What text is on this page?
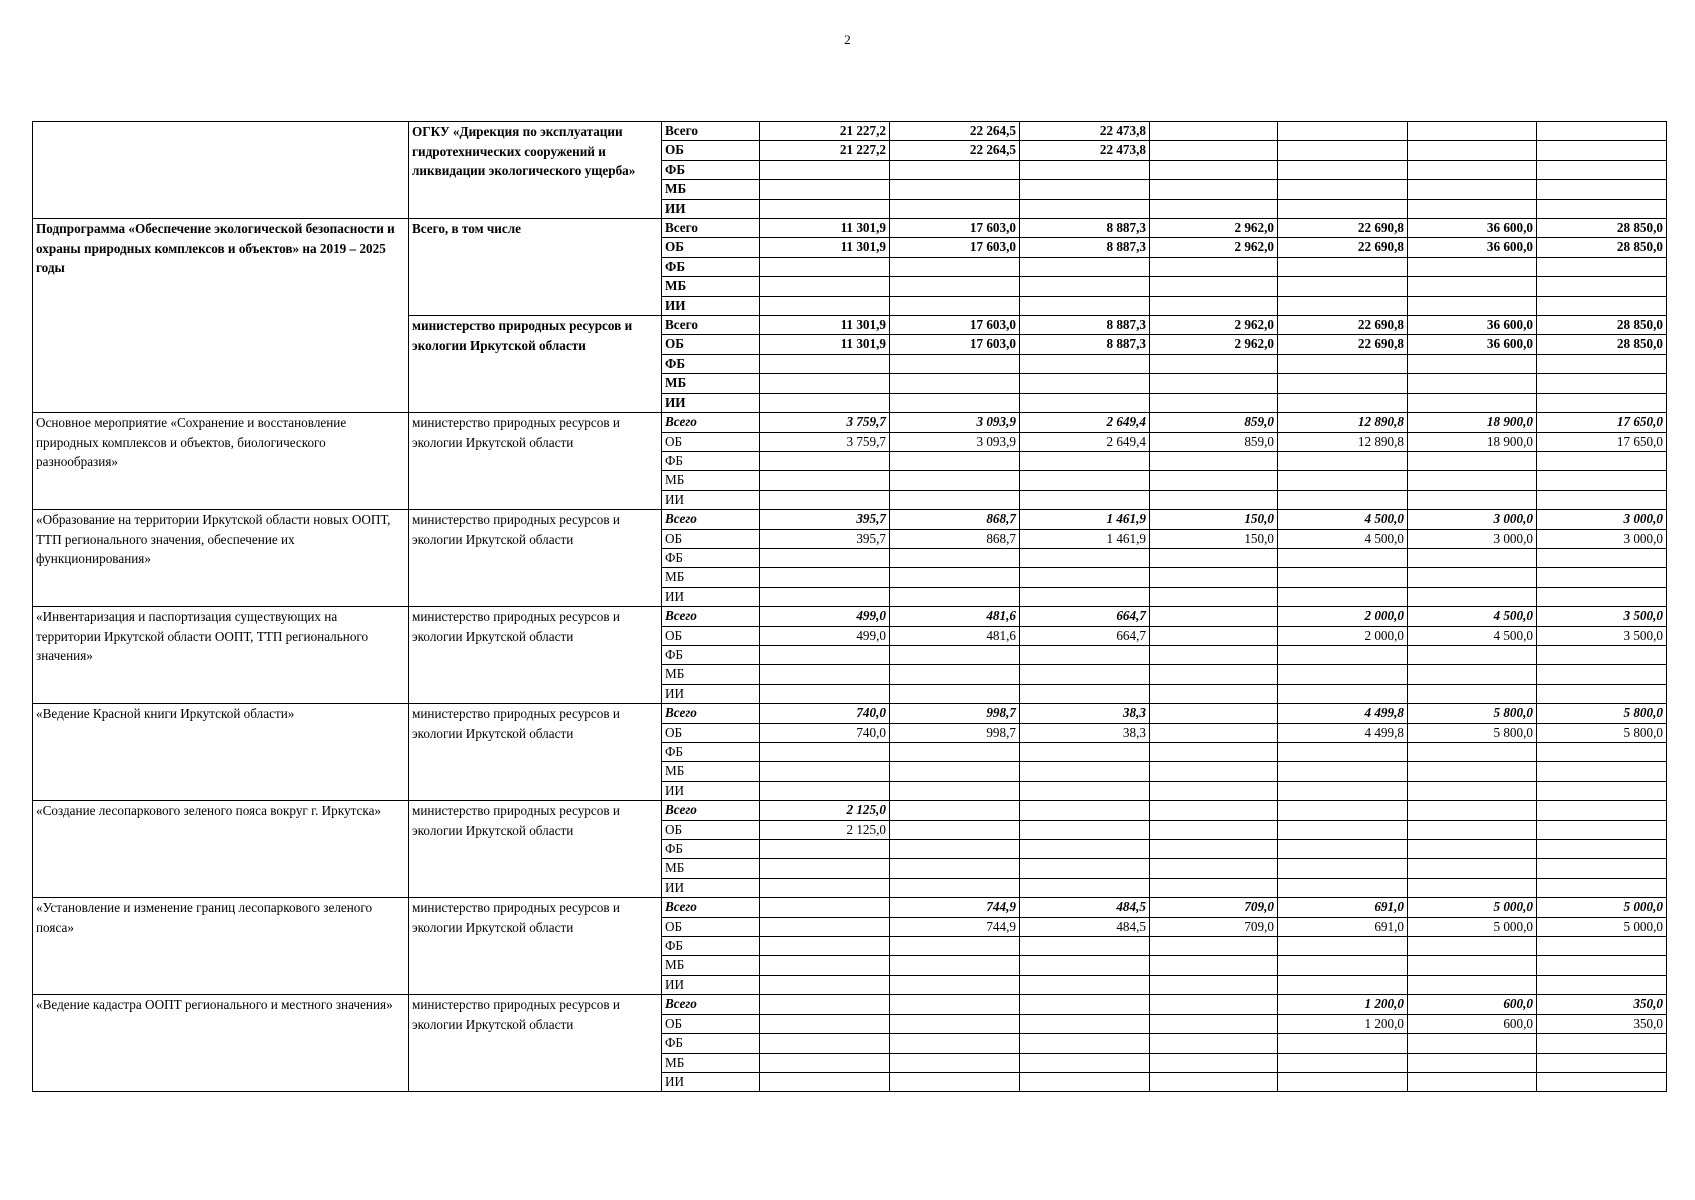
2
	ОГКУ «Дирекция по эксплуатации гидротехнических сооружений и ликвидации экологического ущерба»	Всего	21 227,2	22 264,5	22 473,8				
		ОБ	21 227,2	22 264,5	22 473,8				
		ФБ							
		МБ							
		ИИ							
Подпрограмма «Обеспечение экологической безопасности и охраны природных комплексов и объектов» на 2019 – 2025 годы	Всего, в том числе	Всего	11 301,9	17 603,0	8 887,3	2 962,0	22 690,8	36 600,0	28 850,0
		ОБ	11 301,9	17 603,0	8 887,3	2 962,0	22 690,8	36 600,0	28 850,0
		ФБ							
		МБ							
		ИИ							
	министерство природных ресурсов и экологии Иркутской области	Всего	11 301,9	17 603,0	8 887,3	2 962,0	22 690,8	36 600,0	28 850,0
		ОБ	11 301,9	17 603,0	8 887,3	2 962,0	22 690,8	36 600,0	28 850,0
		ФБ							
		МБ							
		ИИ							
Основное мероприятие «Сохранение и восстановление природных комплексов и объектов, биологического разнообразия»	министерство природных ресурсов и экологии Иркутской области	Всего	3 759,7	3 093,9	2 649,4	859,0	12 890,8	18 900,0	17 650,0
		ОБ	3 759,7	3 093,9	2 649,4	859,0	12 890,8	18 900,0	17 650,0
		ФБ							
		МБ							
		ИИ							
«Образование на территории Иркутской области новых ООПТ, ТТП регионального значения, обеспечение их функционирования»	министерство природных ресурсов и экологии Иркутской области	Всего	395,7	868,7	1 461,9	150,0	4 500,0	3 000,0	3 000,0
		ОБ	395,7	868,7	1 461,9	150,0	4 500,0	3 000,0	3 000,0
		ФБ							
		МБ							
		ИИ							
«Инвентаризация и паспортизация существующих на территории Иркутской области ООПТ, ТТП регионального значения»	министерство природных ресурсов и экологии Иркутской области	Всего	499,0	481,6	664,7		2 000,0	4 500,0	3 500,0
		ОБ	499,0	481,6	664,7		2 000,0	4 500,0	3 500,0
		ФБ							
		МБ							
		ИИ							
«Ведение Красной книги Иркутской области»	министерство природных ресурсов и экологии Иркутской области	Всего	740,0	998,7	38,3		4 499,8	5 800,0	5 800,0
		ОБ	740,0	998,7	38,3		4 499,8	5 800,0	5 800,0
		ФБ							
		МБ							
		ИИ							
«Создание лесопаркового зеленого пояса вокруг г. Иркутска»	министерство природных ресурсов и экологии Иркутской области	Всего	2 125,0						
		ОБ	2 125,0						
		ФБ							
		МБ							
		ИИ							
«Установление и изменение границ лесопаркового зеленого пояса»	министерство природных ресурсов и экологии Иркутской области	Всего		744,9	484,5	709,0	691,0	5 000,0	5 000,0
		ОБ		744,9	484,5	709,0	691,0	5 000,0	5 000,0
		ФБ							
		МБ							
		ИИ							
«Ведение кадастра ООПТ регионального и местного значения»	министерство природных ресурсов и экологии Иркутской области	Всего					1 200,0	600,0	350,0
		ОБ					1 200,0	600,0	350,0
		ФБ							
		МБ							
		ИИ							
